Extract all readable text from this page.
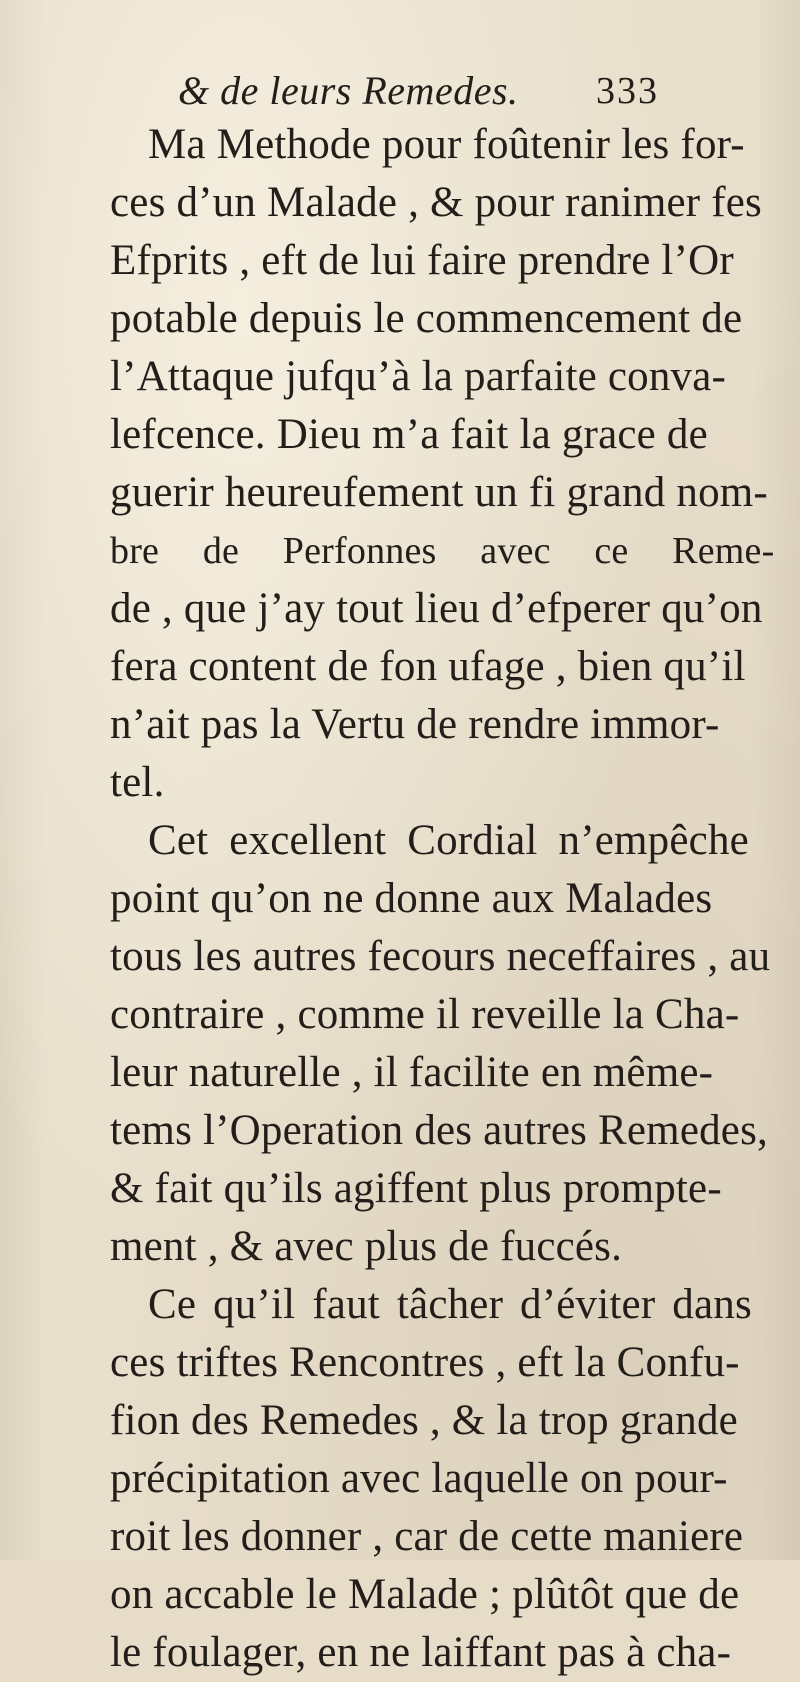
& de leurs Remedes. 333
Ma Methode pour foûtenir les for-
ces d’un Malade , & pour ranimer fes
Efprits , eft de lui faire prendre l’Or
potable depuis le commencement de
l’Attaque jufqu’à la parfaite conva-
lefcence. Dieu m’a fait la grace de
guerir heureufement un fi grand nom-
bre de Perfonnes avec ce Reme-
de , que j’ay tout lieu d’efperer qu’on
fera content de fon ufage , bien qu’il
n’ait pas la Vertu de rendre immor-
tel.
Cet excellent Cordial n’empêche
point qu’on ne donne aux Malades
tous les autres fecours neceffaires , au
contraire , comme il reveille la Cha-
leur naturelle , il facilite en même-
tems l’Operation des autres Remedes,
& fait qu’ils agiffent plus prompte-
ment , & avec plus de fuccés.
Ce qu’il faut tâcher d’éviter dans
ces triftes Rencontres , eft la Confu-
fion des Remedes , & la trop grande
précipitation avec laquelle on pour-
roit les donner , car de cette maniere
on accable le Malade ; plûtôt que de
le foulager, en ne laiffant pas à cha-
